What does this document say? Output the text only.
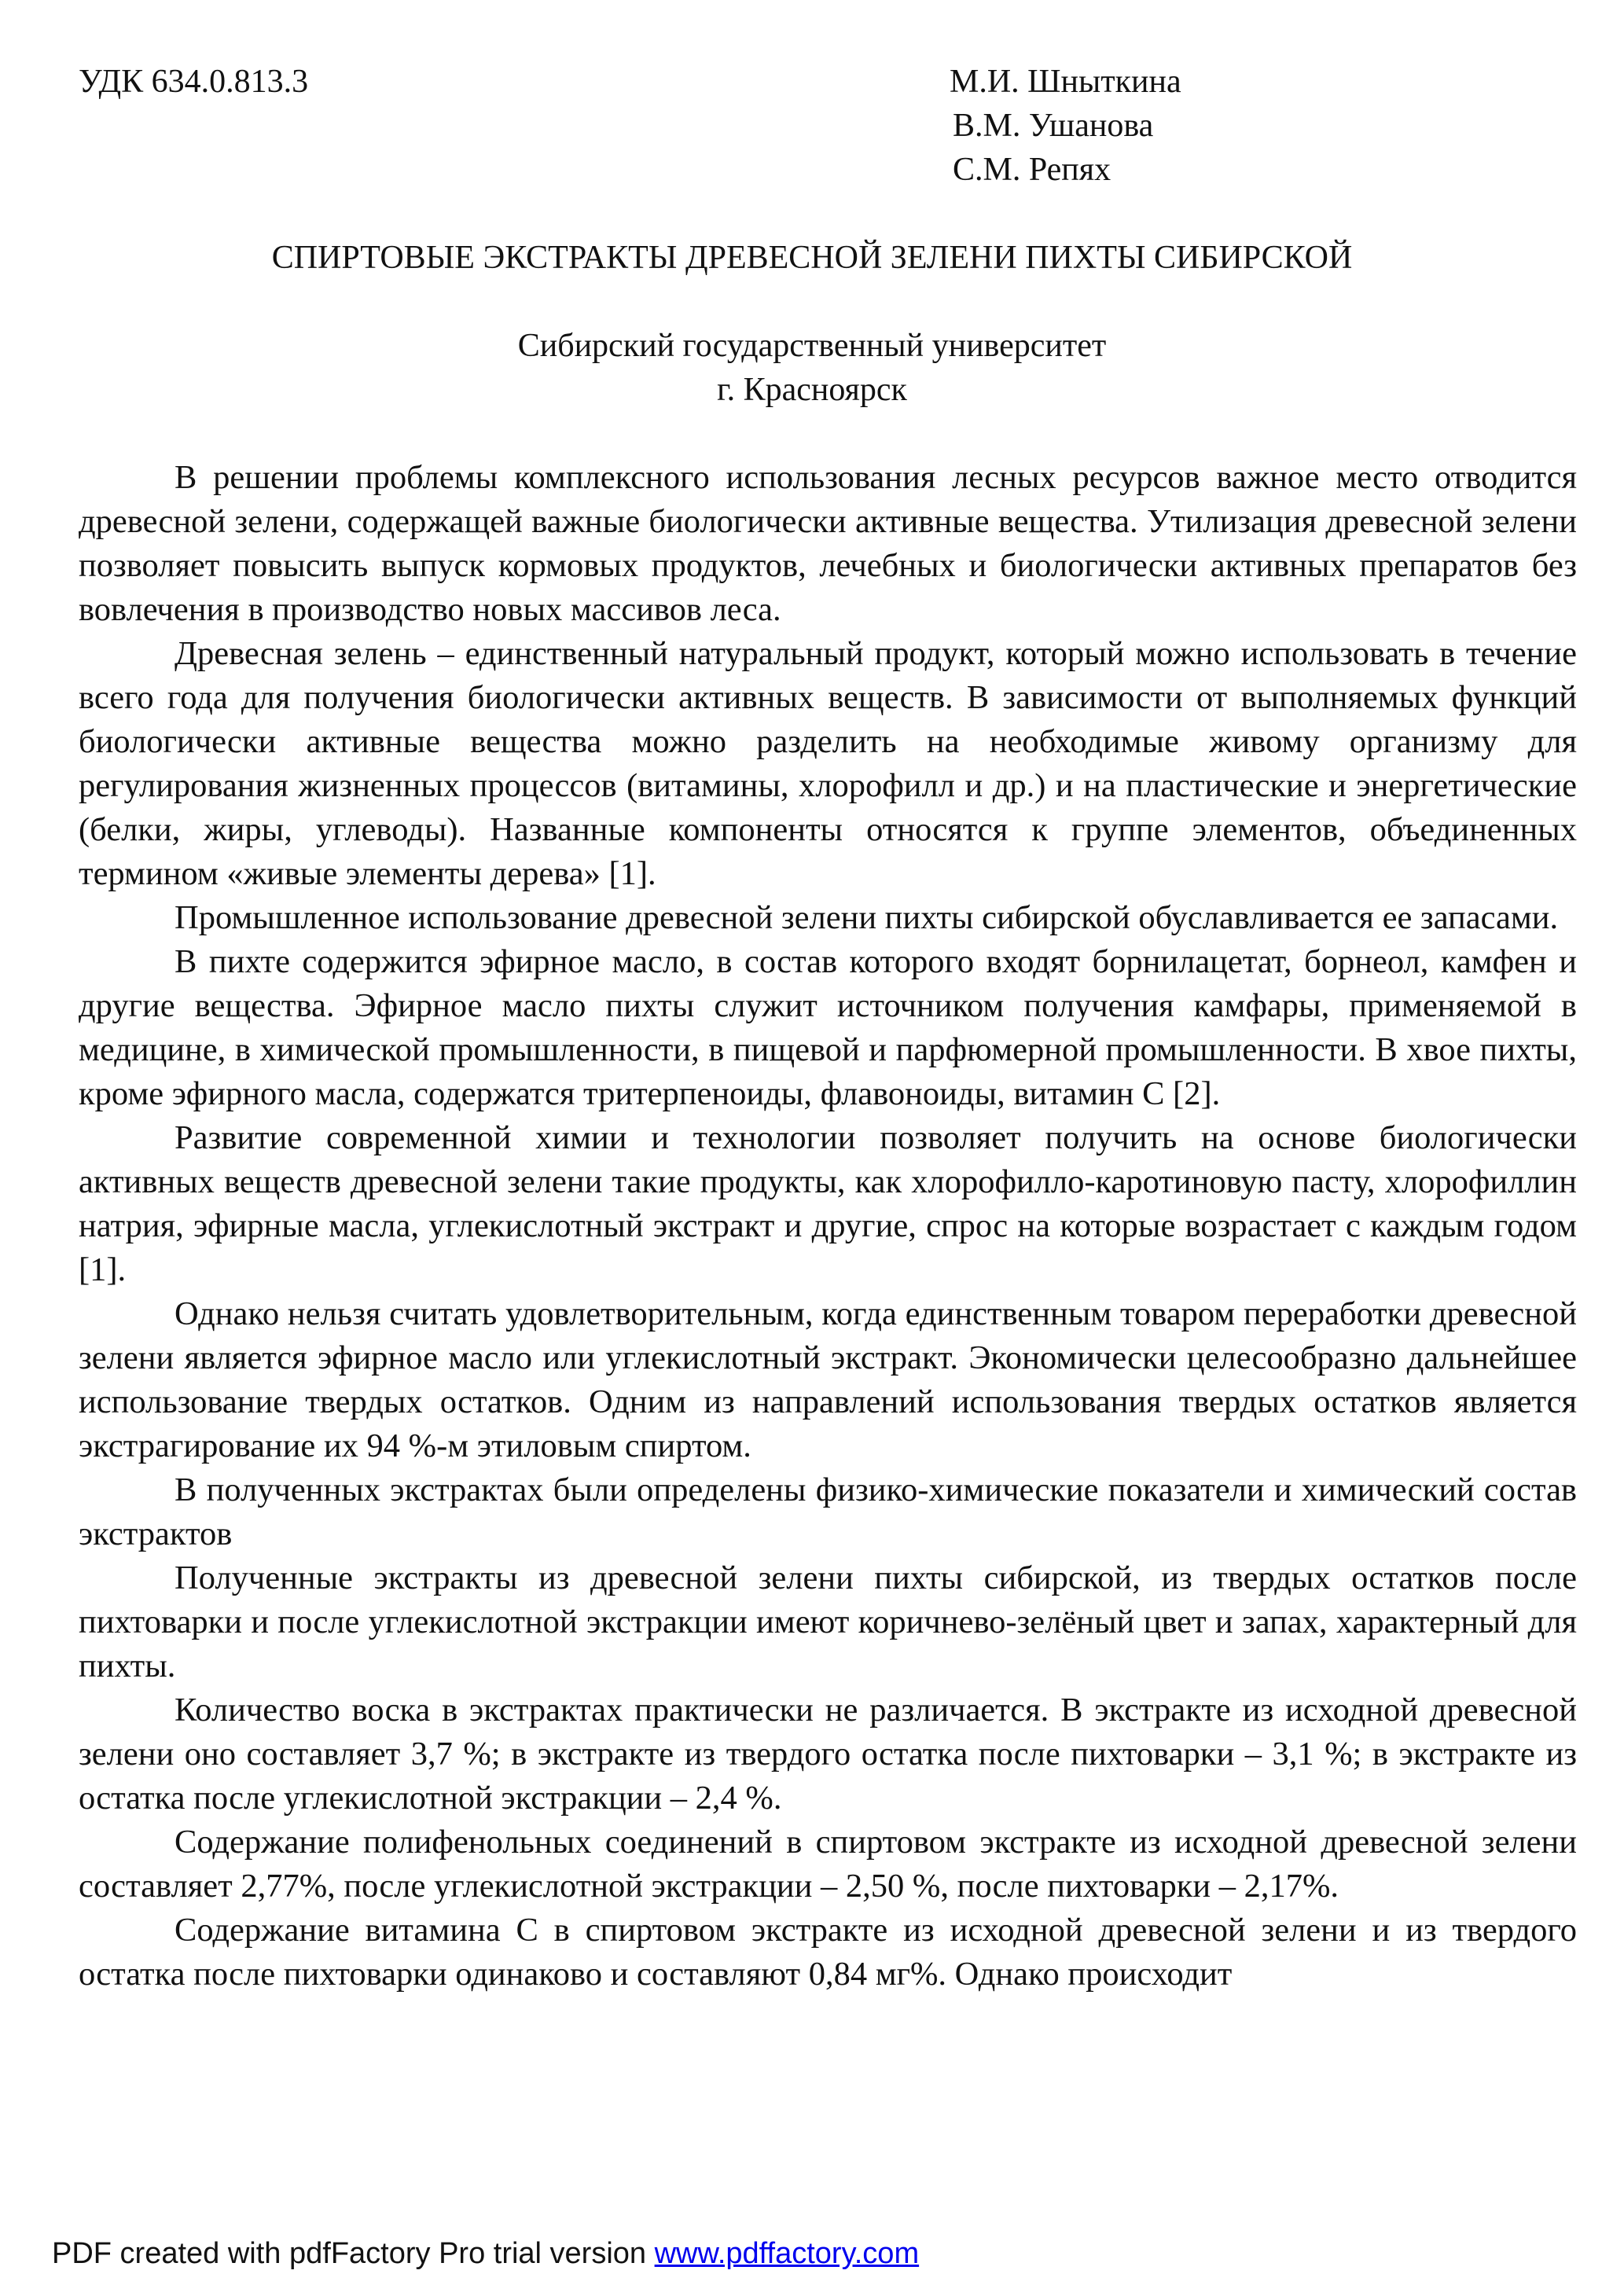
УДК 634.0.813.3	М.И. Шныткина
В.М. Ушанова
С.М. Репях
СПИРТОВЫЕ ЭКСТРАКТЫ ДРЕВЕСНОЙ ЗЕЛЕНИ ПИХТЫ СИБИРСКОЙ
Сибирский государственный университет
г. Красноярск

В решении проблемы комплексного использования лесных ресурсов важное место отводится древесной зелени, содержащей важные биологически активные вещества. Утилизация древесной зелени позволяет повысить выпуск кормовых продуктов, лечебных и биологически активных препаратов без вовлечения в производство новых массивов леса.

Древесная зелень – единственный натуральный продукт, который можно использовать в течение всего года для получения биологически активных веществ. В зависимости от выполняемых функций биологически активные вещества можно разделить на необходимые живому организму для регулирования жизненных процессов (витамины, хлорофилл и др.) и на пластические и энергетические (белки, жиры, углеводы). Названные компоненты относятся к группе элементов, объединенных термином «живые элементы дерева» [1].

Промышленное использование древесной зелени пихты сибирской обуславливается ее запасами.

В пихте содержится эфирное масло, в состав которого входят борнилацетат, борнеол, камфен и другие вещества. Эфирное масло пихты служит источником получения камфары, применяемой в медицине, в химической промышленности, в пищевой и парфюмерной промышленности. В хвое пихты, кроме эфирного масла, содержатся тритерпеноиды, флавоноиды, витамин С [2].

Развитие современной химии и технологии позволяет получить на основе биологически активных веществ древесной зелени такие продукты, как хлорофилло-каротиновую пасту, хлорофиллин натрия, эфирные масла, углекислотный экстракт и другие, спрос на которые возрастает с каждым годом [1].

Однако нельзя считать удовлетворительным, когда единственным товаром переработки древесной зелени является эфирное масло или углекислотный экстракт. Экономически целесообразно дальнейшее использование твердых остатков. Одним из направлений использования твердых остатков является экстрагирование их 94 %-м этиловым спиртом.

В полученных экстрактах были определены физико-химические показатели и химический состав экстрактов

Полученные экстракты из древесной зелени пихты сибирской, из твердых остатков после пихтоварки и после углекислотной экстракции имеют коричнево-зелёный цвет и запах, характерный для пихты.

Количество воска в экстрактах практически не различается. В экстракте из исходной древесной зелени оно составляет 3,7 %; в экстракте из твердого остатка после пихтоварки – 3,1 %; в экстракте из остатка после углекислотной экстракции – 2,4 %.

Содержание полифенольных соединений в спиртовом экстракте из исходной древесной зелени составляет 2,77%, после углекислотной экстракции – 2,50 %, после пихтоварки – 2,17%.

Содержание витамина С в спиртовом экстракте из исходной древесной зелени и из твердого остатка после пихтоварки одинаково и составляют 0,84 мг%. Однако происходит

PDF created with pdfFactory Pro trial version www.pdffactory.com
